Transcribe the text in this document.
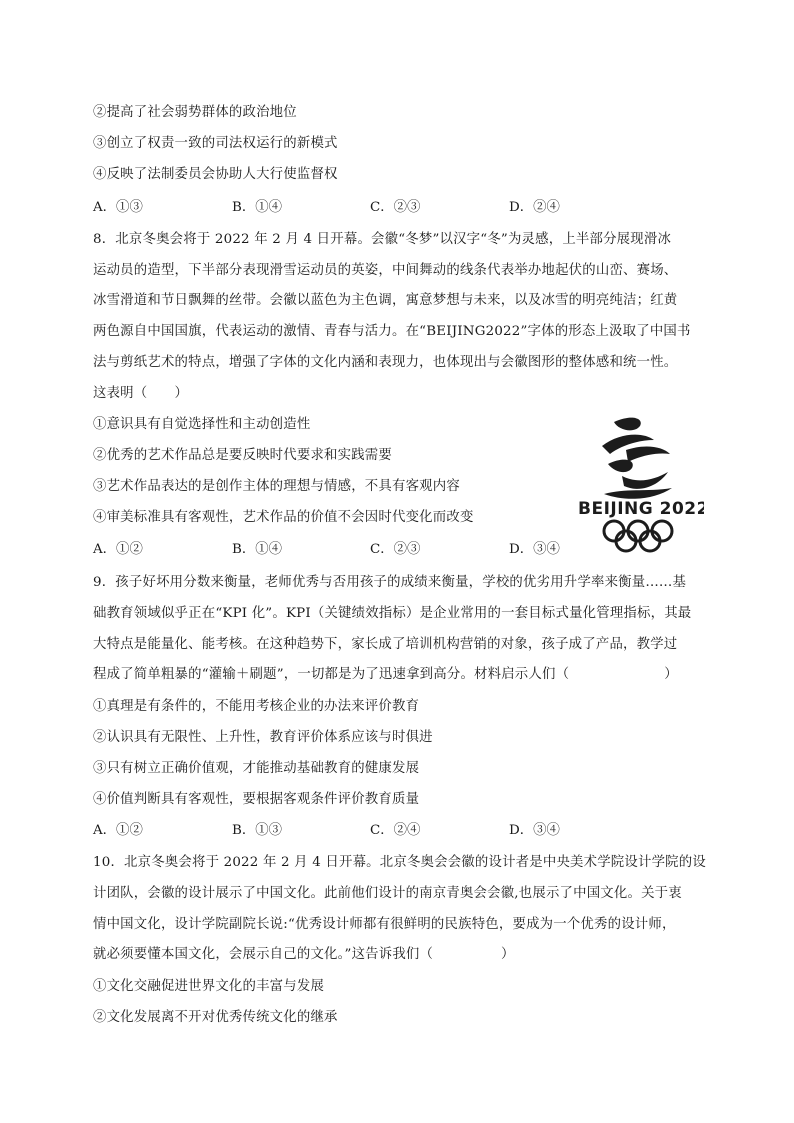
②提高了社会弱势群体的政治地位
③创立了权责一致的司法权运行的新模式
④反映了法制委员会协助人大行使监督权
A．①③	B．①④	C．②③	D．②④
8．北京冬奥会将于 2022 年 2 月 4 日开幕。会徽“冬梦”以汉字“冬”为灵感，上半部分展现滑冰
运动员的造型，下半部分表现滑雪运动员的英姿，中间舞动的线条代表举办地起伏的山峦、赛场、
冰雪滑道和节日飘舞的丝带。会徽以蓝色为主色调，寓意梦想与未来，以及冰雪的明亮纯洁；红黄
两色源自中国国旗，代表运动的激情、青春与活力。在“BEIJING2022”字体的形态上汲取了中国书
法与剪纸艺术的特点，增强了字体的文化内涵和表现力，也体现出与会徽图形的整体感和统一性。
这表明（　　）
①意识具有自觉选择性和主动创造性
②优秀的艺术作品总是要反映时代要求和实践需要
③艺术作品表达的是创作主体的理想与情感，不具有客观内容
④审美标准具有客观性，艺术作品的价值不会因时代变化而改变
A．①②	B．①④	C．②③	D．③④
BEIJING 2022
9．孩子好坏用分数来衡量，老师优秀与否用孩子的成绩来衡量，学校的优劣用升学率来衡量……基
础教育领域似乎正在“KPI 化”。KPI（关键绩效指标）是企业常用的一套目标式量化管理指标，其最
大特点是能量化、能考核。在这种趋势下，家长成了培训机构营销的对象，孩子成了产品，教学过
程成了简单粗暴的“灌输＋刷题”，一切都是为了迅速拿到高分。材料启示人们（　　　　　　　）
①真理是有条件的，不能用考核企业的办法来评价教育
②认识具有无限性、上升性，教育评价体系应该与时俱进
③只有树立正确价值观，才能推动基础教育的健康发展
④价值判断具有客观性，要根据客观条件评价教育质量
A．①②	B．①③	C．②④	D．③④
10．北京冬奥会将于 2022 年 2 月 4 日开幕。北京冬奥会会徽的设计者是中央美术学院设计学院的设
计团队，会徽的设计展示了中国文化。此前他们设计的南京青奥会会徽,也展示了中国文化。关于衷
情中国文化，设计学院副院长说:“优秀设计师都有很鲜明的民族特色，要成为一个优秀的设计师，
就必须要懂本国文化，会展示自己的文化。”这告诉我们（　　　　　）
①文化交融促进世界文化的丰富与发展
②文化发展离不开对优秀传统文化的继承
